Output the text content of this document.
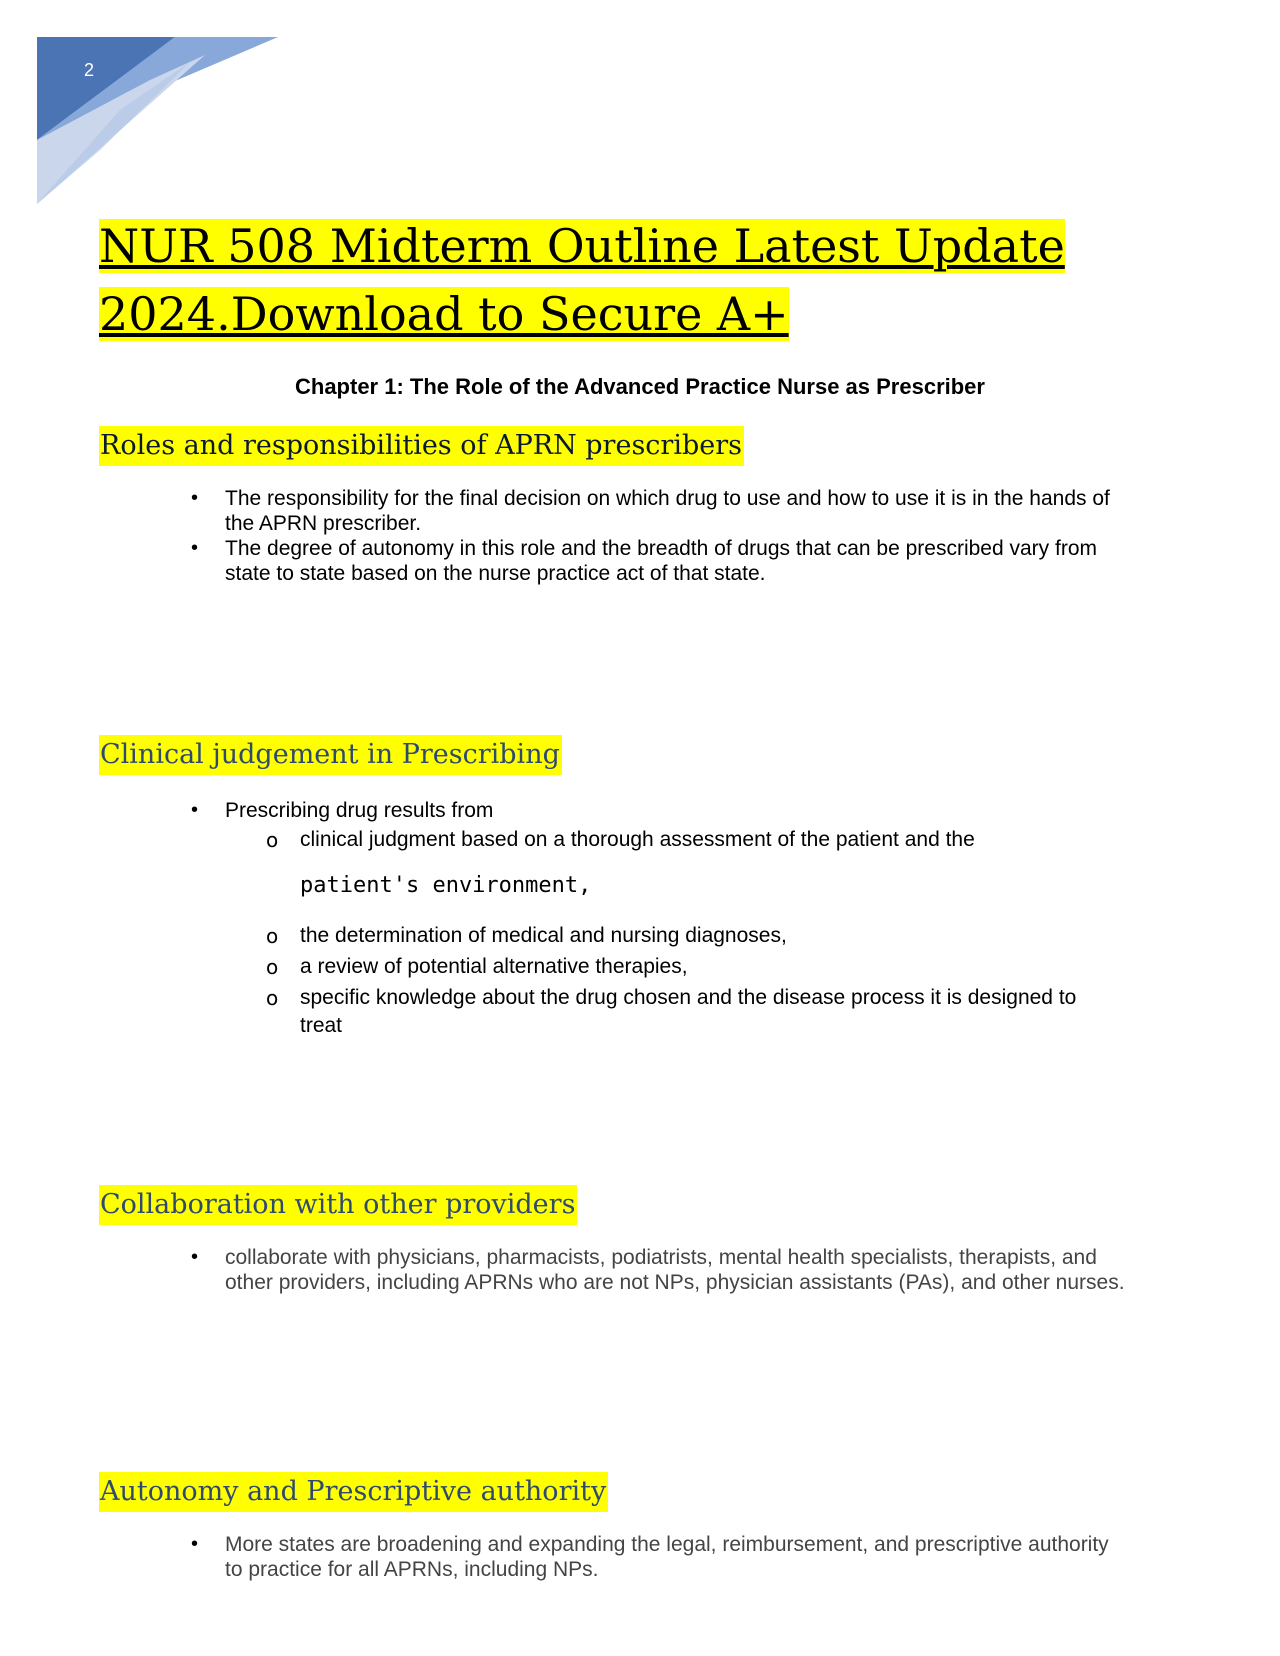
2
NUR 508 Midterm Outline Latest Update
2024.Download to Secure A+
Chapter 1: The Role of the Advanced Practice Nurse as Prescriber
Roles and responsibilities of APRN prescribers
• The responsibility for the final decision on which drug to use and how to use it is in the hands of the APRN prescriber.
• The degree of autonomy in this role and the breadth of drugs that can be prescribed vary from state to state based on the nurse practice act of that state.
Clinical judgement in Prescribing
• Prescribing drug results from
o clinical judgment based on a thorough assessment of the patient and the
patient's environment,
o the determination of medical and nursing diagnoses,
o a review of potential alternative therapies,
o specific knowledge about the drug chosen and the disease process it is designed to treat
Collaboration with other providers
• collaborate with physicians, pharmacists, podiatrists, mental health specialists, therapists, and other providers, including APRNs who are not NPs, physician assistants (PAs), and other nurses.
Autonomy and Prescriptive authority
• More states are broadening and expanding the legal, reimbursement, and prescriptive authority to practice for all APRNs, including NPs.
